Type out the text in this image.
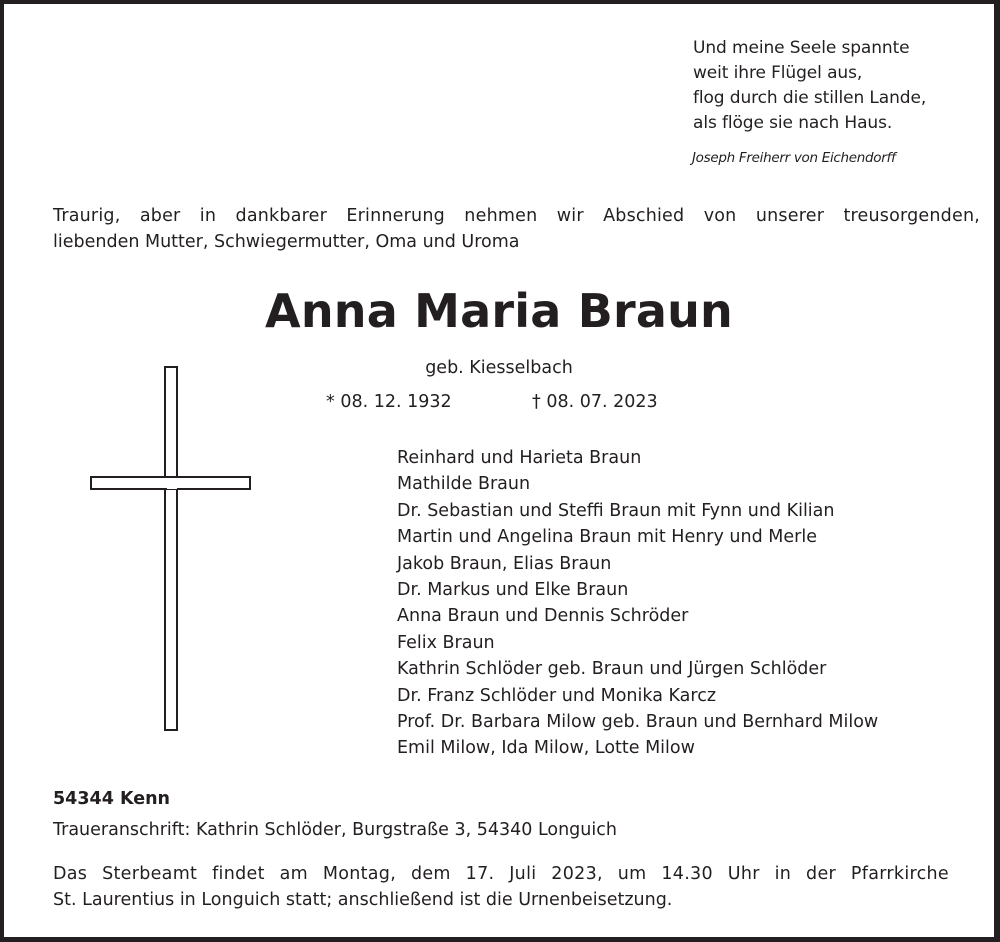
Und meine Seele spannte
weit ihre Flügel aus,
flog durch die stillen Lande,
als flöge sie nach Haus.
Joseph Freiherr von Eichendorff
Traurig, aber in dankbarer Erinnerung nehmen wir Abschied von unserer treusorgenden,
liebenden Mutter, Schwiegermutter, Oma und Uroma
Anna Maria Braun
geb. Kiesselbach
* 08. 12. 1932	† 08. 07. 2023
Reinhard und Harieta Braun
Mathilde Braun
Dr. Sebastian und Steffi Braun mit Fynn und Kilian
Martin und Angelina Braun mit Henry und Merle
Jakob Braun, Elias Braun
Dr. Markus und Elke Braun
Anna Braun und Dennis Schröder
Felix Braun
Kathrin Schlöder geb. Braun und Jürgen Schlöder
Dr. Franz Schlöder und Monika Karcz
Prof. Dr. Barbara Milow geb. Braun und Bernhard Milow
Emil Milow, Ida Milow, Lotte Milow
54344 Kenn
Traueranschrift: Kathrin Schlöder, Burgstraße 3, 54340 Longuich
Das Sterbeamt findet am Montag, dem 17. Juli 2023, um 14.30 Uhr in der Pfarrkirche
St. Laurentius in Longuich statt; anschließend ist die Urnenbeisetzung.
